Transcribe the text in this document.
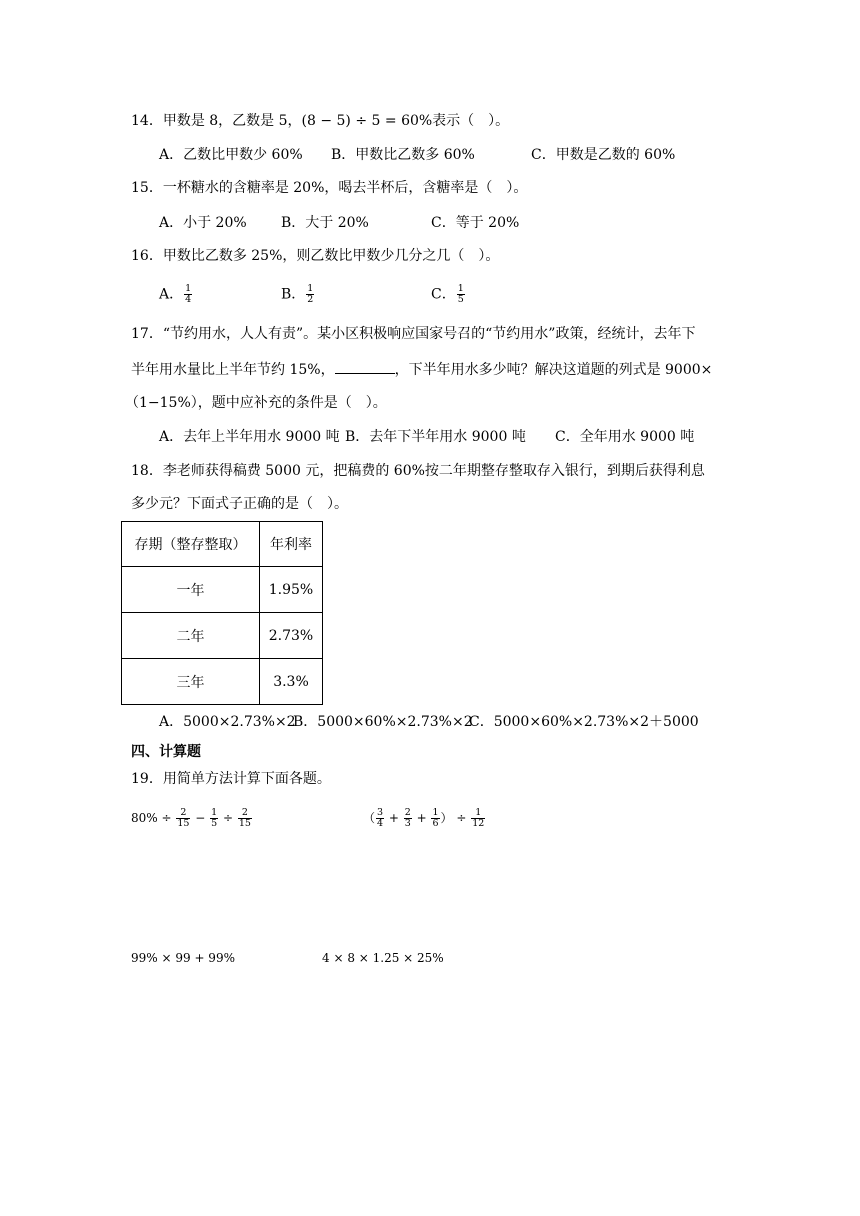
14．甲数是 8，乙数是 5，(8 − 5) ÷ 5 = 60%表示（　）。
A．乙数比甲数少 60% B．甲数比乙数多 60%	C．甲数是乙数的 60%
15．一杯糖水的含糖率是 20%，喝去半杯后，含糖率是（　）。
A．小于 20% B．大于 20%	C．等于 20%
16．甲数比乙数多 25%，则乙数比甲数少几分之几（　）。
A． $\frac{1}{4}$	B． $\frac{1}{2}$	C． $\frac{1}{5}$
17．“节约用水，人人有责”。某小区积极响应国家号召的“节约用水”政策，经统计，去年下
半年用水量比上半年节约 15%，	，下半年用水多少吨？解决这道题的列式是 9000×
（1−15%），题中应补充的条件是（　）。
A．去年上半年用水 9000 吨 B．去年下半年用水 9000 吨 C．全年用水 9000 吨
18．李老师获得稿费 5000 元，把稿费的 60%按二年期整存整取存入银行，到期后获得利息
多少元？下面式子正确的是（　）。
存期（整存整取）	年利率
一年	1.95%
二年	2.73%
三年	3.3%
A．5000×2.73%×2
B．5000×60%×2.73%×2
C．5000×60%×2.73%×2＋5000
四、计算题
19．用简单方法计算下面各题。
$80\% \div \frac{2}{15} - \frac{1}{5} \div \frac{2}{15}$	（ $\frac{3}{4} + \frac{2}{3} + \frac{1}{6}$ ） ÷ $\frac{1}{12}$
99% × 99 + 99%	4 × 8 × 1.25 × 25%
